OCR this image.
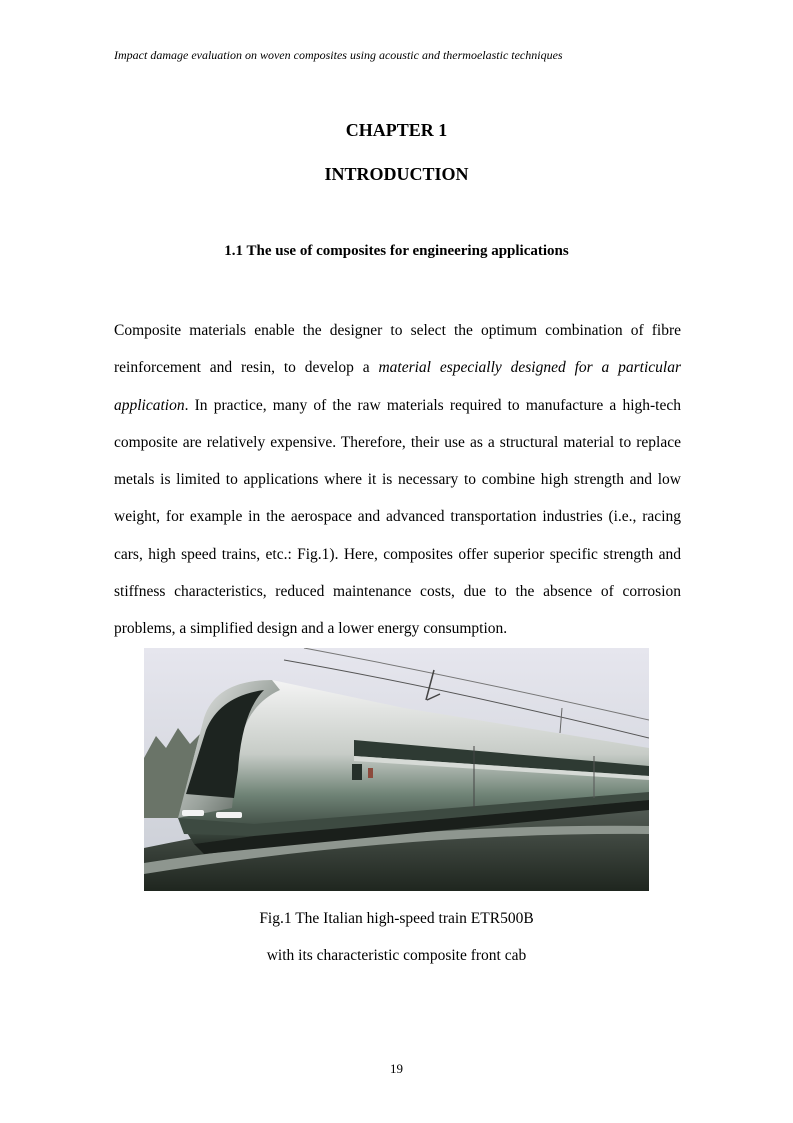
Impact damage evaluation on woven composites using acoustic and thermoelastic techniques
CHAPTER 1
INTRODUCTION
1.1 The use of composites for engineering applications
Composite materials enable the designer to select the optimum combination of fibre reinforcement and resin, to develop a material especially designed for a particular application. In practice, many of the raw materials required to manufacture a high-tech composite are relatively expensive. Therefore, their use as a structural material to replace metals is limited to applications where it is necessary to combine high strength and low weight, for example in the aerospace and advanced transportation industries (i.e., racing cars, high speed trains, etc.: Fig.1). Here, composites offer superior specific strength and stiffness characteristics, reduced maintenance costs, due to the absence of corrosion problems, a simplified design and a lower energy consumption.
Fig.1 The Italian high-speed train ETR500B
with its characteristic composite front cab
19
